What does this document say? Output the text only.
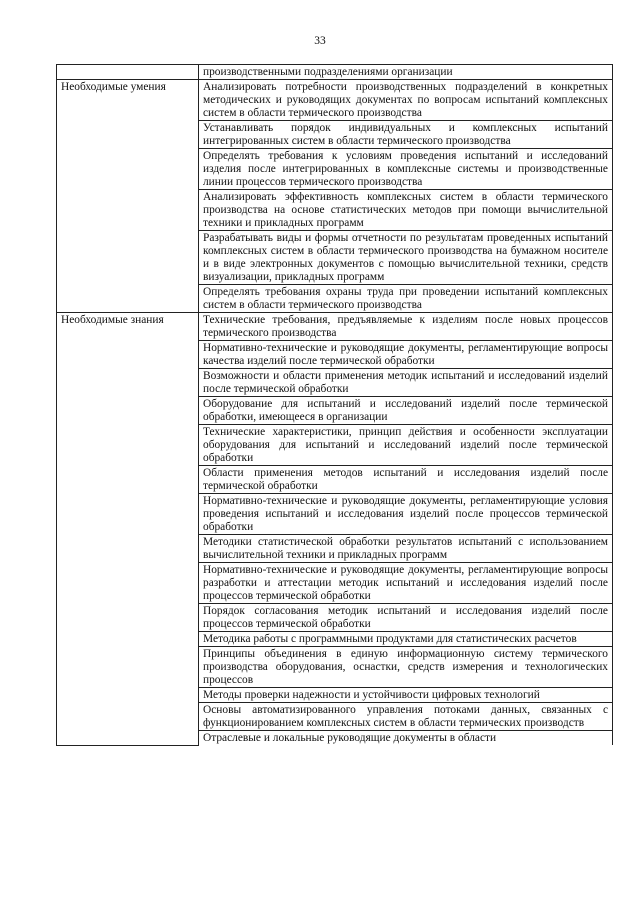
33
	производственными подразделениями организации
Необходимые умения	Анализировать потребности производственных подразделений в конкретных методических и руководящих документах по вопросам испытаний комплексных систем в области термического производства
	Устанавливать порядок индивидуальных и комплексных испытаний интегрированных систем в области термического производства
	Определять требования к условиям проведения испытаний и исследований изделия после интегрированных в комплексные системы и производственные линии процессов термического производства
	Анализировать эффективность комплексных систем в области термического производства на основе статистических методов при помощи вычислительной техники и прикладных программ
	Разрабатывать виды и формы отчетности по результатам проведенных испытаний комплексных систем в области термического производства на бумажном носителе и в виде электронных документов с помощью вычислительной техники, средств визуализации, прикладных программ
	Определять требования охраны труда при проведении испытаний комплексных систем в области термического производства
Необходимые знания	Технические требования, предъявляемые к изделиям после новых процессов термического производства
	Нормативно-технические и руководящие документы, регламентирующие вопросы качества изделий после термической обработки
	Возможности и области применения методик испытаний и исследований изделий после термической обработки
	Оборудование для испытаний и исследований изделий после термической обработки, имеющееся в организации
	Технические характеристики, принцип действия и особенности эксплуатации оборудования для испытаний и исследований изделий после термической обработки
	Области применения методов испытаний и исследования изделий после термической обработки
	Нормативно-технические и руководящие документы, регламентирующие условия проведения испытаний и исследования изделий после процессов термической обработки
	Методики статистической обработки результатов испытаний с использованием вычислительной техники и прикладных программ
	Нормативно-технические и руководящие документы, регламентирующие вопросы разработки и аттестации методик испытаний и исследования изделий после процессов термической обработки
	Порядок согласования методик испытаний и исследования изделий после процессов термической обработки
	Методика работы с программными продуктами для статистических расчетов
	Принципы объединения в единую информационную систему термического производства оборудования, оснастки, средств измерения и технологических процессов
	Методы проверки надежности и устойчивости цифровых технологий
	Основы автоматизированного управления потоками данных, связанных с функционированием комплексных систем в области термических производств
	Отраслевые и локальные руководящие документы в области
